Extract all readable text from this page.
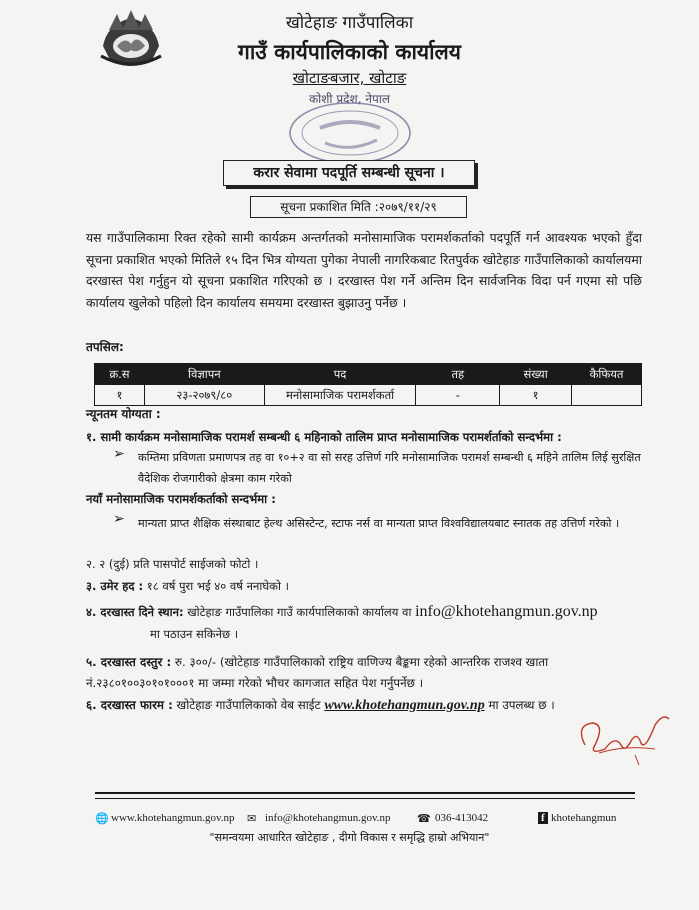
खोटेहाङ गाउँपालिका
गाउँ कार्यपालिकाको कार्यालय
खोटाङबजार, खोटाङ
कोशी प्रदेश, नेपाल
करार सेवामा पदपूर्ति सम्बन्धी सूचना ।
सूचना प्रकाशित मिति :२०७९/११/२९
यस गाउँपालिकामा रिक्त रहेको सामी कार्यक्रम अन्तर्गतको मनोसामाजिक परामर्शकर्ताको पदपूर्ति गर्न आवश्यक भएको हुँदा सूचना प्रकाशित भएको मितिले १५ दिन भित्र योग्यता पुगेका नेपाली नागरिकबाट रितपुर्वक खोटेहाङ गाउँपालिकाको कार्यालयमा दरखास्त पेश गर्नुहुन यो सूचना प्रकाशित गरिएको छ । दरखास्त पेश गर्ने अन्तिम दिन सार्वजनिक विदा पर्न गएमा सो पछि कार्यालय खुलेको पहिलो दिन कार्यालय समयमा दरखास्त बुझाउनु पर्नेछ ।
तपसिल:
क्र.स	विज्ञापन	पद	तह	संख्या	कैफियत
१	२३-२०७९/८०	मनोसामाजिक परामर्शकर्ता	-	१	
न्यूनतम योग्यता :
१. सामी कार्यक्रम मनोसामाजिक परामर्श सम्बन्धी ६ महिनाको तालिम प्राप्त मनोसामाजिक परामर्शर्ताको सन्दर्भमा :
➢ कम्तिमा प्रविणता प्रमाणपत्र तह वा १०+२ वा सो सरह उत्तिर्ण गरि मनोसामाजिक परामर्श सम्बन्धी ६ महिने तालिम लिई सुरक्षित वैदेशिक रोजगारीको क्षेत्रमा काम गरेको
नयाँ मनोसामाजिक परामर्शकर्ताको सन्दर्भमा :
➢ मान्यता प्राप्त शैक्षिक संस्थाबाट हेल्थ असिस्टेन्ट, स्टाफ नर्स वा मान्यता प्राप्त विश्वविद्यालयबाट स्नातक तह उत्तिर्ण गरेको ।
२. २ (दुई) प्रति पासपोर्ट साईजको फोटो ।
३. उमेर हद : १८ वर्ष पुरा भई ४० वर्ष ननाघेको ।
४. दरखास्त दिने स्थान: खोटेहाङ गाउँपालिका गाउँ कार्यपालिकाको कार्यालय वा info@khotehangmun.gov.np
मा पठाउन सकिनेछ ।
५. दरखास्त दस्तुर : रु. ३००/- (खोटेहाङ गाउँपालिकाको राष्ट्रिय वाणिज्य बैङ्कमा रहेको आन्तरिक राजश्व खाता नं.२३८०१००३०१०१०००१ मा जम्मा गरेको भौचर कागजात सहित पेश गर्नुपर्नेछ ।
६. दरखास्त फारम : खोटेहाङ गाउँपालिकाको वेब साईट www.khotehangmun.gov.np मा उपलब्ध छ ।
🌐 www.khotehangmun.gov.np ✉ info@khotehangmun.gov.np ☎ 036-413042	f khotehangmun
"समन्वयमा आधारित खोटेहाङ , दीगो विकास र समृद्धि हाम्रो अभियान"
